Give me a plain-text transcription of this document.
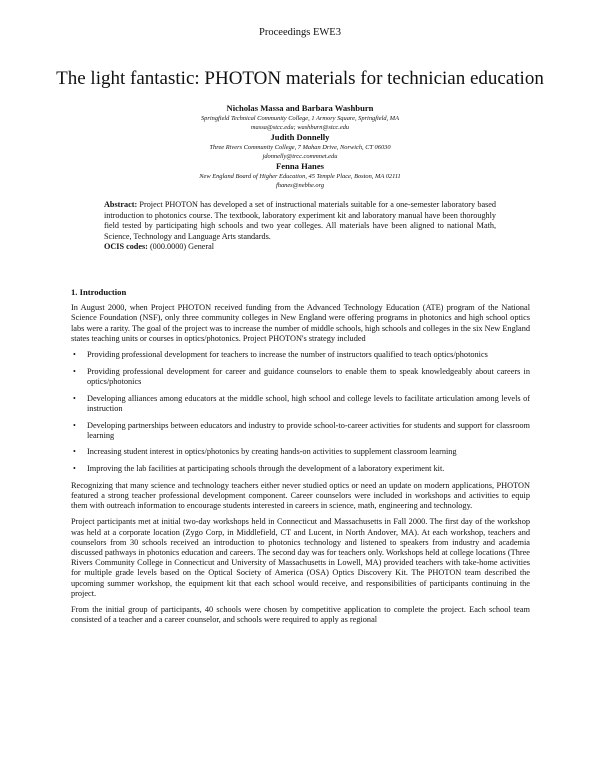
Proceedings EWE3
The light fantastic: PHOTON materials for technician education
Nicholas Massa and Barbara Washburn
Springfield Technical Community College, 1 Armory Square, Springfield, MA
massa@stcc.edu; washburn@stcc.edu
Judith Donnelly
Three Rivers Community College, 7 Mahan Drive, Norwich, CT 06030
jdonnelly@trcc.commnet.edu
Fenna Hanes
New England Board of Higher Education, 45 Temple Place, Boston, MA 02111
fhanes@nebhe.org
Abstract: Project PHOTON has developed a set of instructional materials suitable for a one-semester laboratory based introduction to photonics course. The textbook, laboratory experiment kit and laboratory manual have been thoroughly field tested by participating high schools and two year colleges. All materials have been aligned to national Math, Science, Technology and Language Arts standards.
OCIS codes: (000.0000) General
1. Introduction

In August 2000, when Project PHOTON received funding from the Advanced Technology Education (ATE) program of the National Science Foundation (NSF), only three community colleges in New England were offering programs in photonics and high school optics labs were a rarity. The goal of the project was to increase the number of middle schools, high schools and colleges in the six New England states teaching units or courses in optics/photonics. Project PHOTON's strategy included

• Providing professional development for teachers to increase the number of instructors qualified to teach optics/photonics
• Providing professional development for career and guidance counselors to enable them to speak knowledgeably about careers in optics/photonics
• Developing alliances among educators at the middle school, high school and college levels to facilitate articulation among levels of instruction
• Developing partnerships between educators and industry to provide school-to-career activities for students and support for classroom learning
• Increasing student interest in optics/photonics by creating hands-on activities to supplement classroom learning
• Improving the lab facilities at participating schools through the development of a laboratory experiment kit.

Recognizing that many science and technology teachers either never studied optics or need an update on modern applications, PHOTON featured a strong teacher professional development component. Career counselors were included in workshops and activities to equip them with outreach information to encourage students interested in careers in science, math, engineering and technology.

Project participants met at initial two-day workshops held in Connecticut and Massachusetts in Fall 2000. The first day of the workshop was held at a corporate location (Zygo Corp, in Middlefield, CT and Lucent, in North Andover, MA). At each workshop, teachers and counselors from 30 schools received an introduction to photonics technology and listened to speakers from industry and academia discussed pathways in photonics education and careers. The second day was for teachers only. Workshops held at college locations (Three Rivers Community College in Connecticut and University of Massachusetts in Lowell, MA) provided teachers with take-home activities for multiple grade levels based on the Optical Society of America (OSA) Optics Discovery Kit. The PHOTON team described the upcoming summer workshop, the equipment kit that each school would receive, and responsibilities of participants continuing in the project.

From the initial group of participants, 40 schools were chosen by competitive application to complete the project. Each school team consisted of a teacher and a career counselor, and schools were required to apply as regional
